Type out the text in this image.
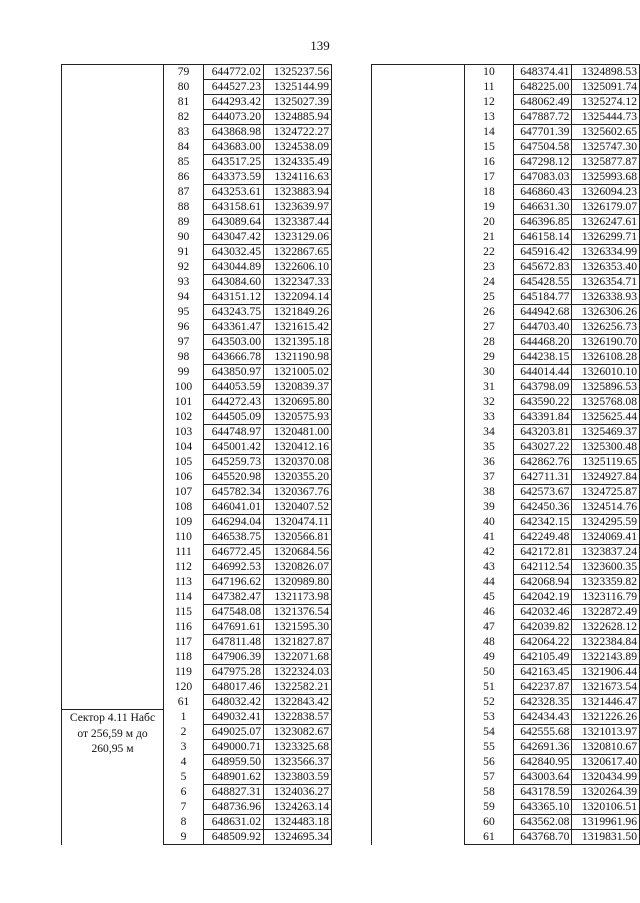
139
	79	644772.02	1325237.56
	80	644527.23	1325144.99
	81	644293.42	1325027.39
	82	644073.20	1324885.94
	83	643868.98	1324722.27
	84	643683.00	1324538.09
	85	643517.25	1324335.49
	86	643373.59	1324116.63
	87	643253.61	1323883.94
	88	643158.61	1323639.97
	89	643089.64	1323387.44
	90	643047.42	1323129.06
	91	643032.45	1322867.65
	92	643044.89	1322606.10
	93	643084.60	1322347.33
	94	643151.12	1322094.14
	95	643243.75	1321849.26
	96	643361.47	1321615.42
	97	643503.00	1321395.18
	98	643666.78	1321190.98
	99	643850.97	1321005.02
	100	644053.59	1320839.37
	101	644272.43	1320695.80
	102	644505.09	1320575.93
	103	644748.97	1320481.00
	104	645001.42	1320412.16
	105	645259.73	1320370.08
	106	645520.98	1320355.20
	107	645782.34	1320367.76
	108	646041.01	1320407.52
	109	646294.04	1320474.11
	110	646538.75	1320566.81
	111	646772.45	1320684.56
	112	646992.53	1320826.07
	113	647196.62	1320989.80
	114	647382.47	1321173.98
	115	647548.08	1321376.54
	116	647691.61	1321595.30
	117	647811.48	1321827.87
	118	647906.39	1322071.68
	119	647975.28	1322324.03
	120	648017.46	1322582.21
	61	648032.42	1322843.42
Сектор 4.11 Набс от 256,59 м до 260,95 м	1	649032.41	1322838.57
	2	649025.07	1323082.67
	3	649000.71	1323325.68
	4	648959.50	1323566.37
	5	648901.62	1323803.59
	6	648827.31	1324036.27
	7	648736.96	1324263.14
	8	648631.02	1324483.18
	9	648509.92	1324695.34
	10	648374.41	1324898.53
	11	648225.00	1325091.74
	12	648062.49	1325274.12
	13	647887.72	1325444.73
	14	647701.39	1325602.65
	15	647504.58	1325747.30
	16	647298.12	1325877.87
	17	647083.03	1325993.68
	18	646860.43	1326094.23
	19	646631.30	1326179.07
	20	646396.85	1326247.61
	21	646158.14	1326299.71
	22	645916.42	1326334.99
	23	645672.83	1326353.40
	24	645428.55	1326354.71
	25	645184.77	1326338.93
	26	644942.68	1326306.26
	27	644703.40	1326256.73
	28	644468.20	1326190.70
	29	644238.15	1326108.28
	30	644014.44	1326010.10
	31	643798.09	1325896.53
	32	643590.22	1325768.08
	33	643391.84	1325625.44
	34	643203.81	1325469.37
	35	643027.22	1325300.48
	36	642862.76	1325119.65
	37	642711.31	1324927.84
	38	642573.67	1324725.87
	39	642450.36	1324514.76
	40	642342.15	1324295.59
	41	642249.48	1324069.41
	42	642172.81	1323837.24
	43	642112.54	1323600.35
	44	642068.94	1323359.82
	45	642042.19	1323116.79
	46	642032.46	1322872.49
	47	642039.82	1322628.12
	48	642064.22	1322384.84
	49	642105.49	1322143.89
	50	642163.45	1321906.44
	51	642237.87	1321673.54
	52	642328.35	1321446.47
	53	642434.43	1321226.26
	54	642555.68	1321013.97
	55	642691.36	1320810.67
	56	642840.95	1320617.40
	57	643003.64	1320434.99
	58	643178.59	1320264.39
	59	643365.10	1320106.51
	60	643562.08	1319961.96
	61	643768.70	1319831.50
